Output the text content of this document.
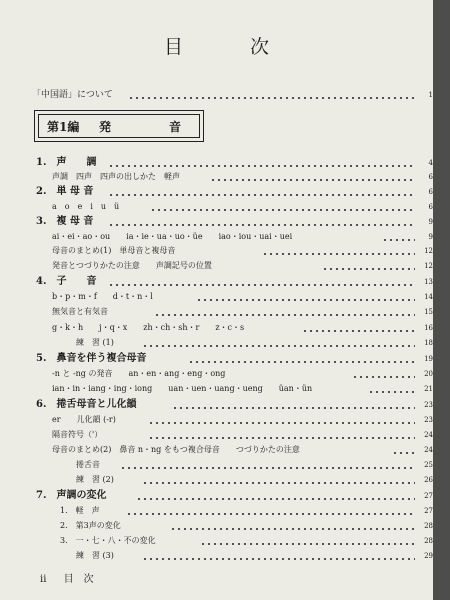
目　次
「中国語」について	1
第1編 発	音
1.　声　　調	4
声調　四声　四声の出しかた　軽声	6
2.　単 母 音	6
a　o　e　i　u　ü	6
3.　複 母 音	9
ai・ei・ao・ou　　ia・ie・ua・uo・üe　　iao・iou・uai・uei	9
母音のまとめ(1)　単母音と複母音	12
発音とつづりかたの注意　　声調記号の位置	12
4.　子　　音	13
b・p・m・f　　d・t・n・l	14
無気音と有気音	15
g・k・h　　j・q・x　　zh・ch・sh・r　　z・c・s	16
練　習 (1)	18
5.　鼻音を伴う複合母音	19
-n と -ng の発音　　an・en・ang・eng・ong	20
ian・in・iang・ing・iong　　uan・uen・uang・ueng　　üan・ün	21
6.　捲舌母音と儿化韻	23
er　　儿化韻 (-r)	23
隔音符号（'）	24
母音のまとめ(2)　鼻音 n・ng をもつ複合母音　　つづりかたの注意	24
捲舌音	25
練　習 (2)	26
7.　声調の変化	27
1.　軽　声	27
2.　第3声の変化	28
3.　一・七・八・不の変化	28
練　習 (3)	29
ii 目　次
